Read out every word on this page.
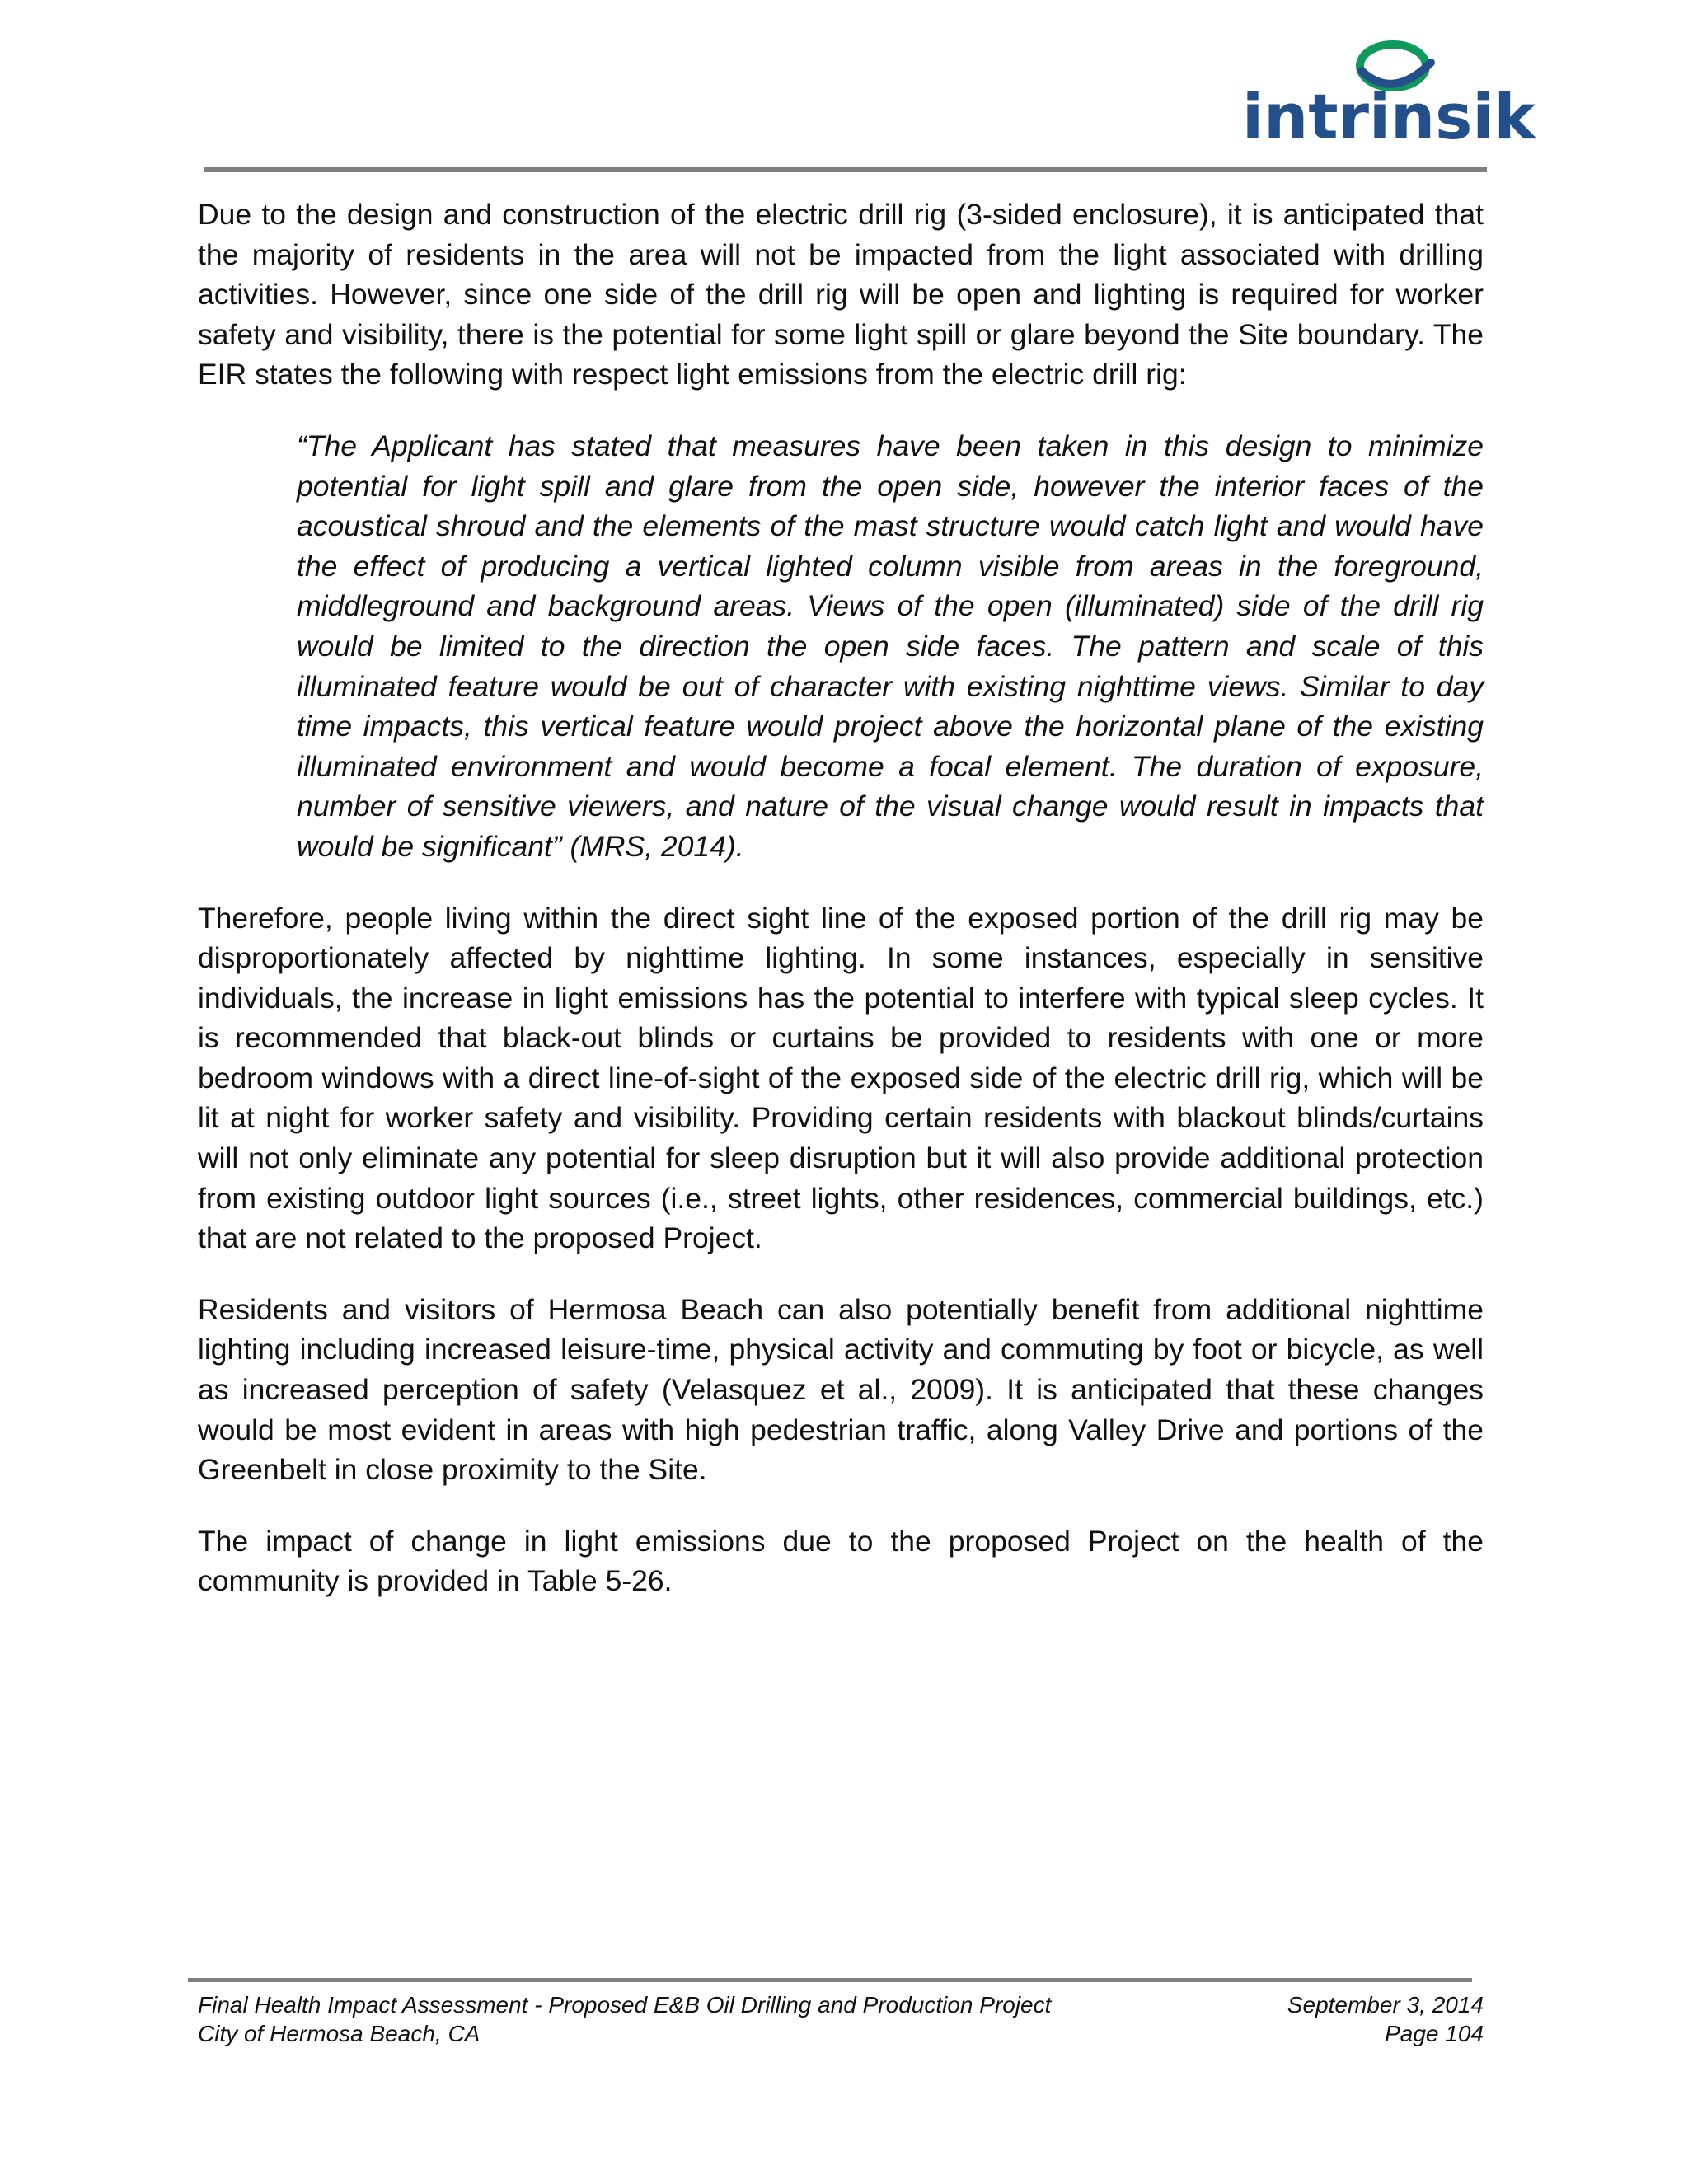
intrinsik

Due to the design and construction of the electric drill rig (3-sided enclosure), it is anticipated that the majority of residents in the area will not be impacted from the light associated with drilling activities. However, since one side of the drill rig will be open and lighting is required for worker safety and visibility, there is the potential for some light spill or glare beyond the Site boundary. The EIR states the following with respect light emissions from the electric drill rig:

“The Applicant has stated that measures have been taken in this design to minimize potential for light spill and glare from the open side, however the interior faces of the acoustical shroud and the elements of the mast structure would catch light and would have the effect of producing a vertical lighted column visible from areas in the foreground, middleground and background areas. Views of the open (illuminated) side of the drill rig would be limited to the direction the open side faces. The pattern and scale of this illuminated feature would be out of character with existing nighttime views. Similar to day time impacts, this vertical feature would project above the horizontal plane of the existing illuminated environment and would become a focal element. The duration of exposure, number of sensitive viewers, and nature of the visual change would result in impacts that would be significant” (MRS, 2014).

Therefore, people living within the direct sight line of the exposed portion of the drill rig may be disproportionately affected by nighttime lighting. In some instances, especially in sensitive individuals, the increase in light emissions has the potential to interfere with typical sleep cycles. It is recommended that black-out blinds or curtains be provided to residents with one or more bedroom windows with a direct line-of-sight of the exposed side of the electric drill rig, which will be lit at night for worker safety and visibility. Providing certain residents with blackout blinds/curtains will not only eliminate any potential for sleep disruption but it will also provide additional protection from existing outdoor light sources (i.e., street lights, other residences, commercial buildings, etc.) that are not related to the proposed Project.

Residents and visitors of Hermosa Beach can also potentially benefit from additional nighttime lighting including increased leisure-time, physical activity and commuting by foot or bicycle, as well as increased perception of safety (Velasquez et al., 2009). It is anticipated that these changes would be most evident in areas with high pedestrian traffic, along Valley Drive and portions of the Greenbelt in close proximity to the Site.

The impact of change in light emissions due to the proposed Project on the health of the community is provided in Table 5-26.

Final Health Impact Assessment - Proposed E&B Oil Drilling and Production Project	September 3, 2014
City of Hermosa Beach, CA	Page 104
